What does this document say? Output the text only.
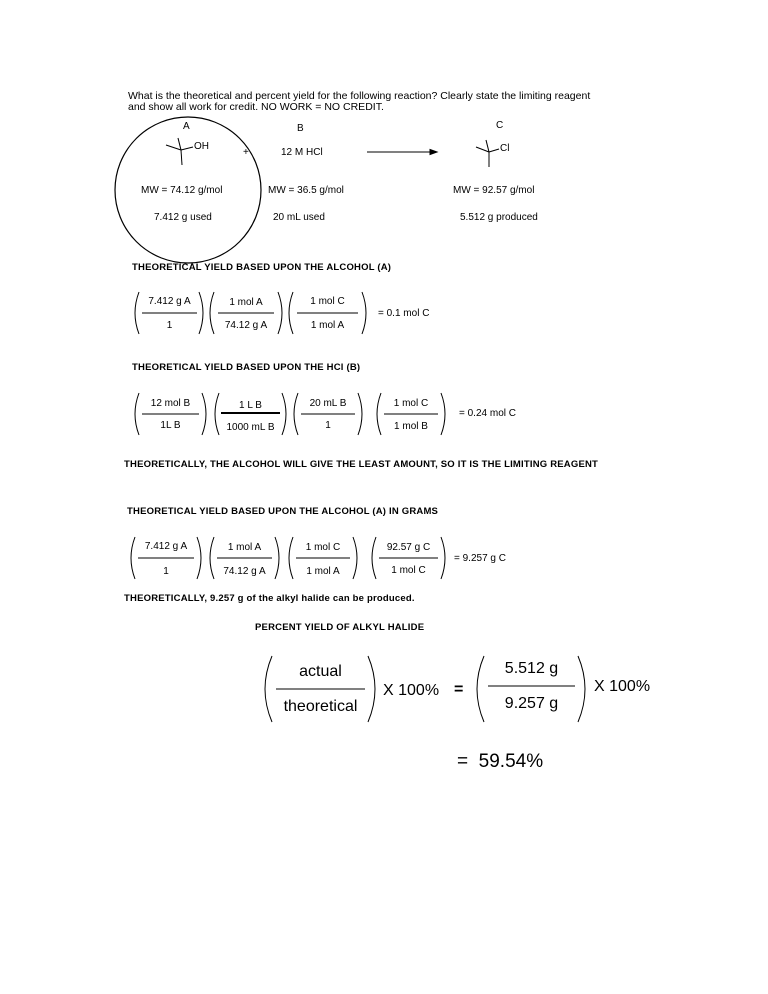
What is the theoretical and percent yield for the following reaction? Clearly state the limiting reagent
and show all work for credit. NO WORK = NO CREDIT.
A	B	C
OH
+	12 M HCl	Cl
MW = 74.12 g/mol	MW = 36.5 g/mol	MW = 92.57 g/mol
7.412 g used	20 mL used	5.512 g produced
THEORETICAL YIELD BASED UPON THE ALCOHOL (A)
7.412 g A
1
1 mol A
74.12 g A
1 mol C
1 mol A
= 0.1 mol C
THEORETICAL YIELD BASED UPON THE HCl (B)
12 mol B
1L B
1 L B
1000 mL B
20 mL B
1
1 mol C
1 mol B
= 0.24 mol C
THEORETICALLY, THE ALCOHOL WILL GIVE THE LEAST AMOUNT, SO IT IS THE LIMITING REAGENT
THEORETICAL YIELD BASED UPON THE ALCOHOL (A) IN GRAMS
7.412 g A
1
1 mol A
74.12 g A
1 mol C
1 mol A
92.57 g C
1 mol C
= 9.257 g C
THEORETICALLY, 9.257 g of the alkyl halide can be produced.
PERCENT YIELD OF ALKYL HALIDE
actual
theoretical
X 100% =
5.512 g
9.257 g
X 100%
=  59.54%
